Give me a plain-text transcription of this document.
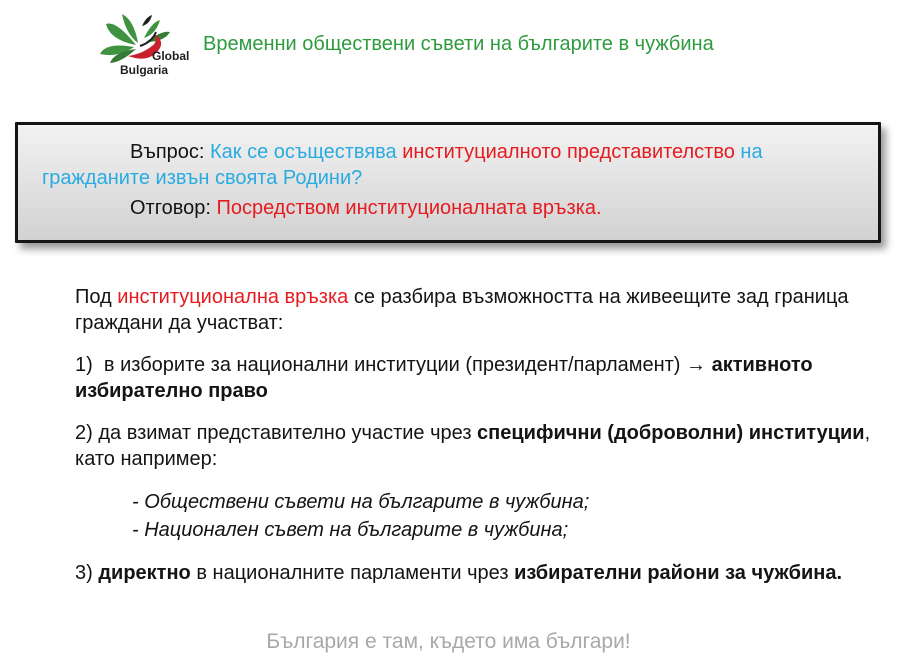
Global
Bulgaria
Временни обществени съвети на българите в чужбина
Въпрос: Как се осъществява институциалното представителство на
гражданите извън своята Родини?
Отговор: Посредством институционалната връзка.
Под институционална връзка се разбира възможността на живеещите зад граница
граждани да участват:
1)  в изборите за национални институции (президент/парламент) → активното
избирателно право
2) да взимат представително участие чрез специфични (доброволни) институции,
като например:
- Обществени съвети на българите в чужбина;
- Национален съвет на българите в чужбина;
3) директно в националните парламенти чрез избирателни райони за чужбина.
България е там, където има българи!
